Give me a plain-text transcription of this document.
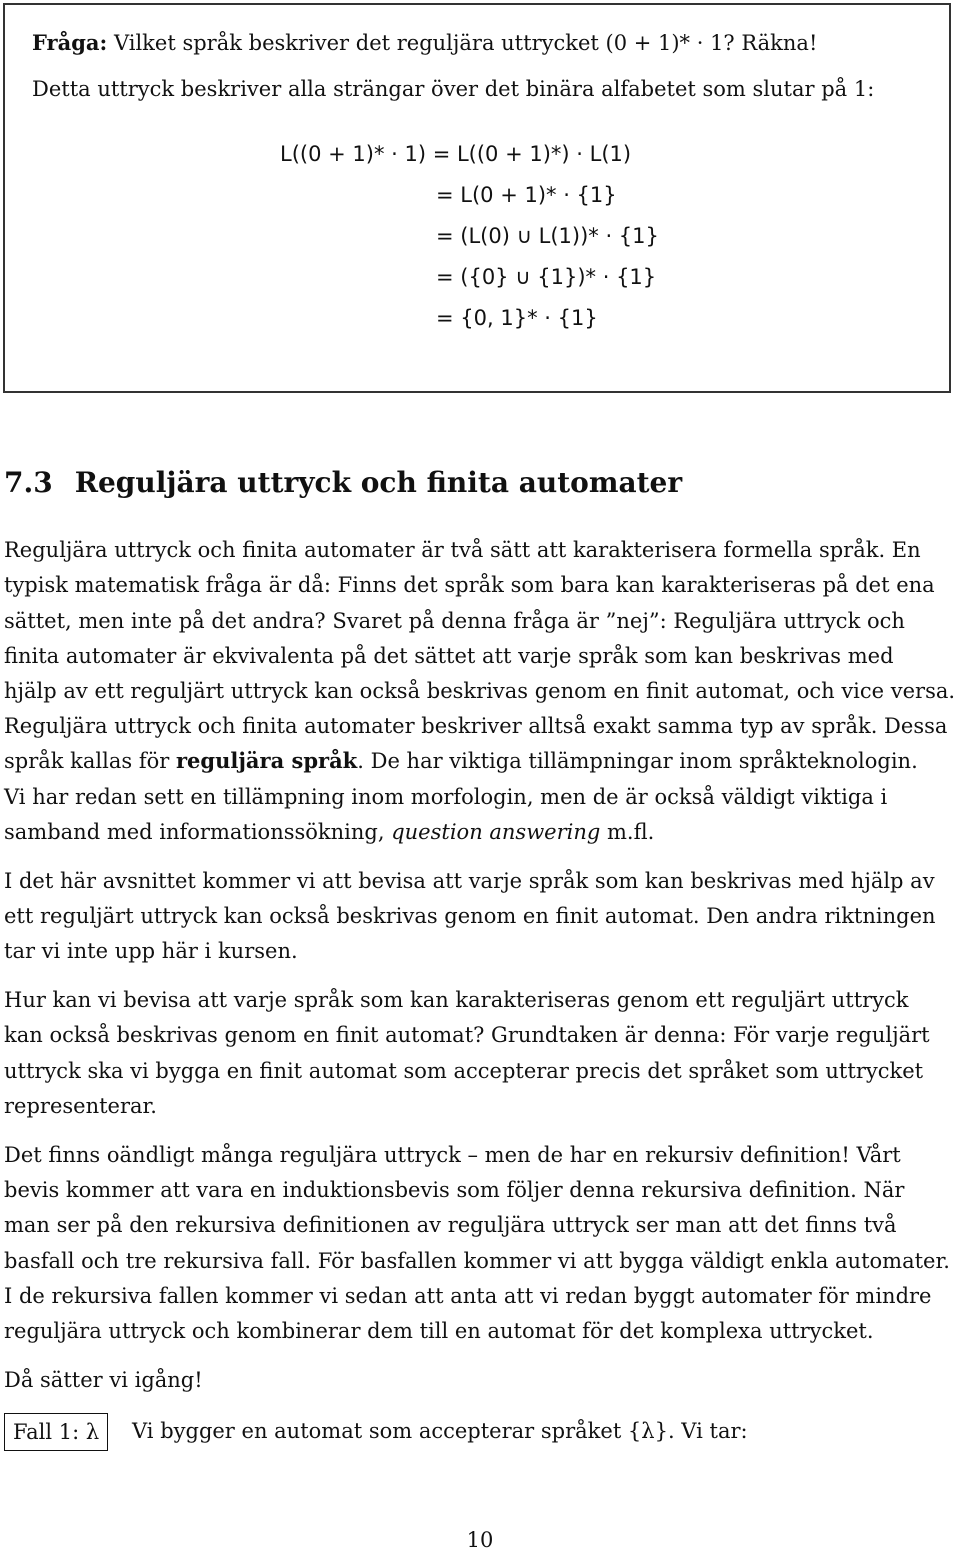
Fråga: Vilket språk beskriver det reguljära uttrycket (0 + 1)* · 1? Räkna!
Detta uttryck beskriver alla strängar över det binära alfabetet som slutar på 1:
L((0 + 1)* · 1) = L((0 + 1)*) · L(1)
= L(0 + 1)* · {1}
= (L(0) ∪ L(1))* · {1}
= ({0} ∪ {1})* · {1}
= {0, 1}* · {1}
7.3 Reguljära uttryck och finita automater
Reguljära uttryck och finita automater är två sätt att karakterisera formella språk. En
typisk matematisk fråga är då: Finns det språk som bara kan karakteriseras på det ena
sättet, men inte på det andra? Svaret på denna fråga är ”nej”: Reguljära uttryck och
finita automater är ekvivalenta på det sättet att varje språk som kan beskrivas med
hjälp av ett reguljärt uttryck kan också beskrivas genom en finit automat, och vice versa.
Reguljära uttryck och finita automater beskriver alltså exakt samma typ av språk. Dessa
språk kallas för reguljära språk. De har viktiga tillämpningar inom språkteknologin.
Vi har redan sett en tillämpning inom morfologin, men de är också väldigt viktiga i
samband med informationssökning, question answering m.fl.
I det här avsnittet kommer vi att bevisa att varje språk som kan beskrivas med hjälp av
ett reguljärt uttryck kan också beskrivas genom en finit automat. Den andra riktningen
tar vi inte upp här i kursen.
Hur kan vi bevisa att varje språk som kan karakteriseras genom ett reguljärt uttryck
kan också beskrivas genom en finit automat? Grundtaken är denna: För varje reguljärt
uttryck ska vi bygga en finit automat som accepterar precis det språket som uttrycket
representerar.
Det finns oändligt många reguljära uttryck – men de har en rekursiv definition! Vårt
bevis kommer att vara en induktionsbevis som följer denna rekursiva definition. När
man ser på den rekursiva definitionen av reguljära uttryck ser man att det finns två
basfall och tre rekursiva fall. För basfallen kommer vi att bygga väldigt enkla automater.
I de rekursiva fallen kommer vi sedan att anta att vi redan byggt automater för mindre
reguljära uttryck och kombinerar dem till en automat för det komplexa uttrycket.
Då sätter vi igång!
Fall 1: λ	Vi bygger en automat som accepterar språket {λ}. Vi tar:
10
